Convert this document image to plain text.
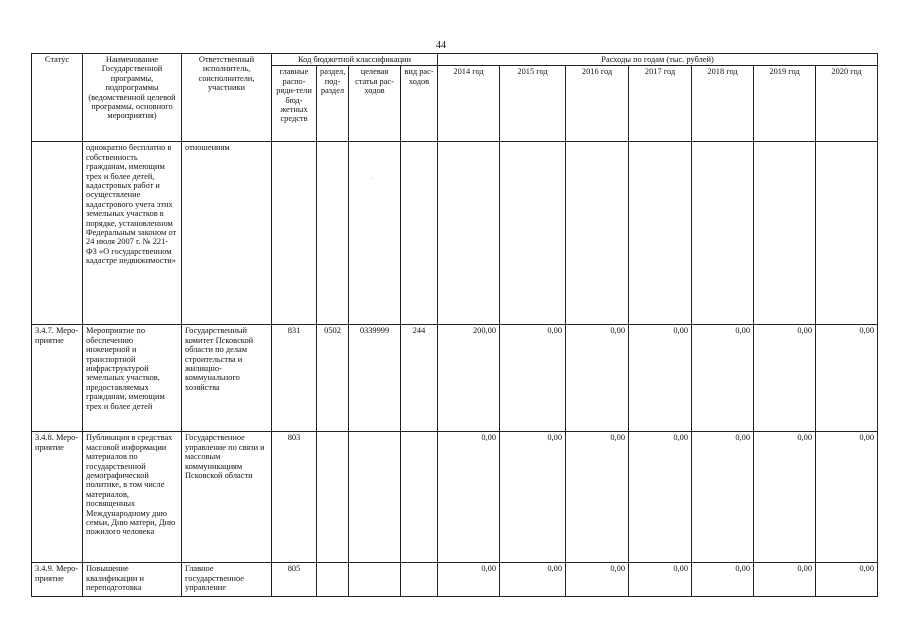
44
·
Статус	Наименование Государственной программы, подпрограммы (ведомственной целевой программы, основного мероприятия)	Ответственный исполнитель, соисполнители, участники	Код бюджетной классификации				Расходы по годам (тыс. рублей)						
			главные распо-ряди-тели бюд-жетных средств	раздел, под-раздел	целевая статья рас-ходов	вид рас-ходов	2014 год	2015 год	2016 год	2017 год	2018 год	2019 год	2020 год
	однократно бесплатно в собственность гражданам, имеющим трех и более детей, кадастровых работ и осуществление кадастрового учета этих земельных участков в порядке, установленном Федеральным законом от 24 июля 2007 г. № 221-ФЗ «О государственном кадастре недвижимости»	отношениям											
3.4.7. Меро-приятие	Мероприятие по обеспечению инженерной и транспортной инфраструктурой земельных участков, предоставляемых гражданам, имеющим трех и более детей	Государственный комитет Псковской области по делам строительства и жилищно-коммунального хозяйства	831	0502	0339999	244	200,00	0,00	0,00	0,00	0,00	0,00	0,00
3.4.8. Меро-приятие	Публикация в средствах массовой информации материалов по государственной демографической политике, в том числе материалов, посвященных Международному дню семьи, Дню матери, Дню пожилого человека	Государственное управление по связи и массовым коммуникациям Псковской области	803				0,00	0,00	0,00	0,00	0,00	0,00	0,00
3.4.9. Меро-приятие	Повышение квалификации и переподготовка	Главное государственное управление	805				0,00	0,00	0,00	0,00	0,00	0,00	0,00
